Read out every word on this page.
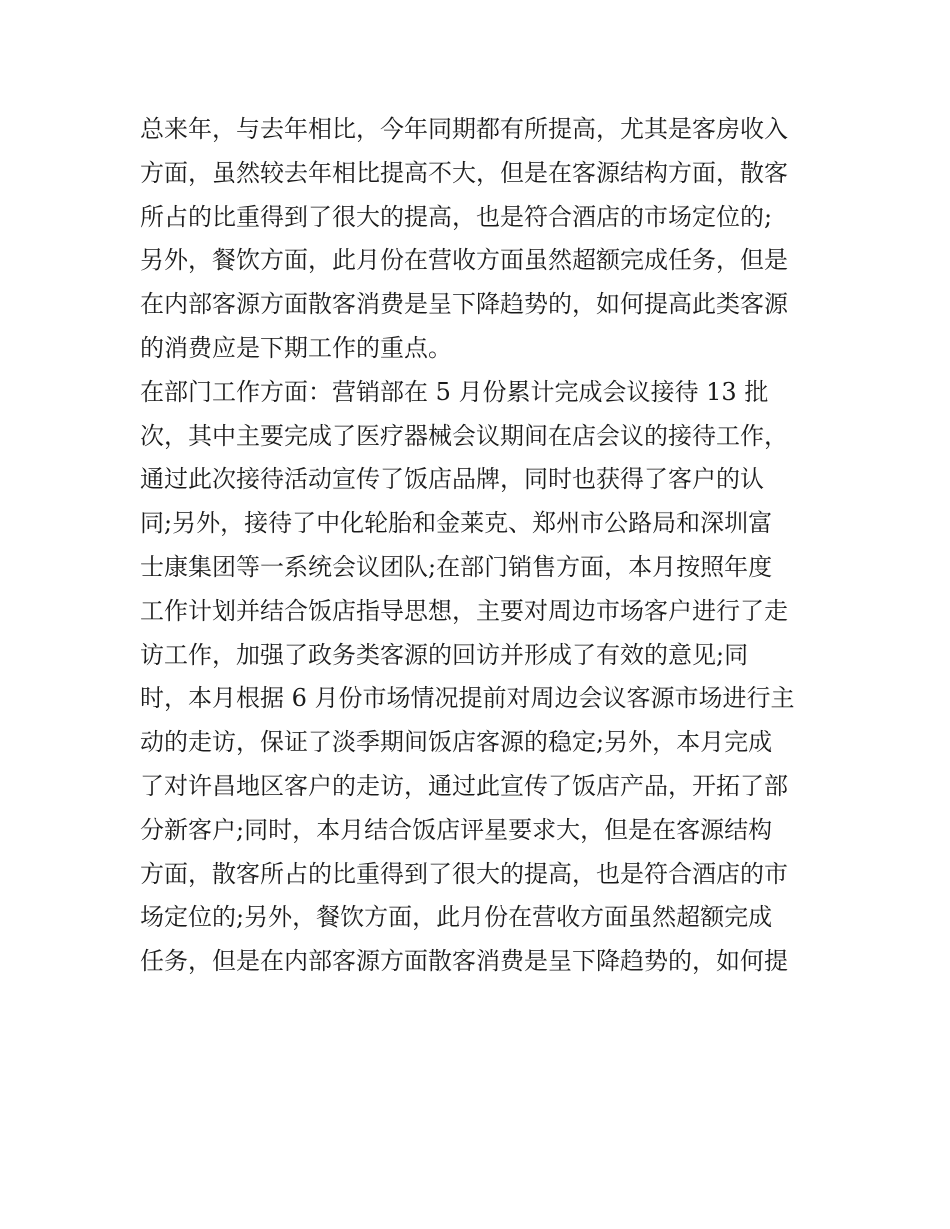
总来年，与去年相比，今年同期都有所提高，尤其是客房收入
方面，虽然较去年相比提高不大，但是在客源结构方面，散客
所占的比重得到了很大的提高，也是符合酒店的市场定位的;
另外，餐饮方面，此月份在营收方面虽然超额完成任务，但是
在内部客源方面散客消费是呈下降趋势的，如何提高此类客源
的消费应是下期工作的重点。
在部门工作方面：营销部在 5 月份累计完成会议接待 13 批
次，其中主要完成了医疗器械会议期间在店会议的接待工作，
通过此次接待活动宣传了饭店品牌，同时也获得了客户的认
同;另外，接待了中化轮胎和金莱克、郑州市公路局和深圳富
士康集团等一系统会议团队;在部门销售方面，本月按照年度
工作计划并结合饭店指导思想，主要对周边市场客户进行了走
访工作，加强了政务类客源的回访并形成了有效的意见;同
时，本月根据 6 月份市场情况提前对周边会议客源市场进行主
动的走访，保证了淡季期间饭店客源的稳定;另外，本月完成
了对许昌地区客户的走访，通过此宣传了饭店产品，开拓了部
分新客户;同时，本月结合饭店评星要求大，但是在客源结构
方面，散客所占的比重得到了很大的提高，也是符合酒店的市
场定位的;另外，餐饮方面，此月份在营收方面虽然超额完成
任务，但是在内部客源方面散客消费是呈下降趋势的，如何提
